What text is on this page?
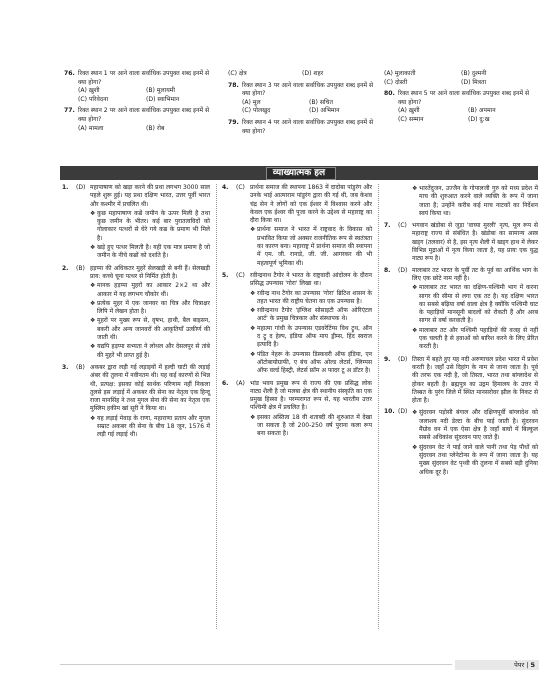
76. रिक्त स्थान 1 पर आने वाला सर्वाधिक उपयुक्त शब्द इनमें से क्या होगा?
(A) ख़ुशी	(B) मुलायमी
(C) परिवेदना	(D) स्वाभिमान
77. रिक्त स्थान 2 पर आने वाला सर्वाधिक उपयुक्त शब्द इनमें से क्या होगा?
(A) मामला	(B) रोब
(C) क्षेत्र	(D) शहर
78. रिक्त स्थान 3 पर आने वाला सर्वाधिक उपयुक्त शब्द इनमें से क्या होगा?
(A) मूल	(B) सचित
(C) पोलखुद	(D) अभिमान
79. रिक्त स्थान 4 पर आने वाला सर्वाधिक उपयुक्त शब्द इनमें से क्या होगा?
(A) मुलाकाती	(B) दुश्मनी
(C) दोस्ती	(D) मित्रता
80. रिक्त स्थान 5 पर आने वाला सर्वाधिक उपयुक्त शब्द इनमें से क्या होगा?
(A) ख़ुशी	(B) अपमान
(C) सम्मान	(D) दु:ख
व्याख्यात्मक हल
1.	(D) महापाषाण को खड़ा करने की प्रथा लगभग 3000 साल पहले शुरू हुई। यह प्रथा दक्षिण भारत, उत्तर पूर्वी भारत और कश्मीर में प्रचलित थी।
❖ कुछ महापाषाण कब्रें जमीन के ऊपर मिली है तथा कुछ जमीन के भीतर। कई बार पुरातत्वविदों को गोलाकार पत्थरों से घेरे गये कब्र के प्रमाण भी मिले है।
❖ खड़े हुए पत्थर मिलती है। यही एक मात्र प्रमाण है जो जमीन के नीचे कब्रों को दर्शाते है।
2.	(B) हड़प्पा की अधिकतर मुहरें सेलखड़ी से बनी हैं। सेलखड़ी प्राय: कच्चे चूना पत्थर से निर्मित होती है।
❖ मानक हड़प्पा मुहरों का आकार 2×2 था और आकार में यह लगभग चौकोर थी।
❖ प्रत्येक मुहर में एक जानवर का चित्र और चित्राक्षर लिपि में लेखन होता है।
❖ मुहरों पर मुख्य रूप से, वृषभ, हाथी, बैल बाइसन, बकरी और अन्य जानवरों की आकृतियाँ उत्कीर्ण की जाती थी।
❖ यद्यपि हड़प्पा सभ्यता ने लोथल और देसलपुर से तांबे की मुहरें भी प्राप्त हुई है।
3.	(B) अकबर द्वारा लड़ी गई लड़ाइयों में हल्दी घाटी की लड़ाई अंबर की तुलना में नवीनतम थी। यह कई कारणों से भिन्न थी, प्रत्यक्ष: इसका कोई सार्थक परिणाम नहीं निकला तुलसे इस लड़ाई में अकबर की सेना का नेतृत्व एक हिन्दू राजा मानसिंह ने तथा मुगल सेना की सेना का नेतृत्व एक मुस्लिम हकीम खां सूरी ने किया था।
❖ यह लड़ाई मेवाड़ के राणा, महाराणा प्रताप और मुगल सम्राट अकबर की सेना के बीच 18 जून, 1576 में लड़ी गई लड़ाई थी।
4.	(C) प्रार्थना समाज की स्थापना 1863 में दादोबा पांडुरंग और उनके भाई आत्माराम पांडुरंग द्वारा की गई थी, जब केशव चंद्र सेन ने लोगों को एक ईश्वर में विश्वास करने और केवल एक ईश्वर की पूजा करने के उद्देश्य से महाराष्ट्र का दौरा किया था।
❖ प्रार्थना समाज ने भारत में राष्ट्रवाद के विकास को प्रभावित किया जो अक्सर राजनीतिक रूप से स्वतंत्रता का कारण बना। महाराष्ट्र में प्रार्थना समाज की स्थापना में एम. जी. रानाडे, जी. जी. आगरकर की भी महत्वपूर्ण भूमिका थी।
5.	(C) रवीन्द्रनाथ टैगोर ने भारत के राष्ट्रवादी आंदोलन के दौरान प्रसिद्ध उपन्यास 'गोरा' लिखा था।
❖ रवीन्द्र नाथ टैगोर का उपन्यास 'गोरा' ब्रिटिश शासन के तहत भारत की राष्ट्रीय चेतना का एक उपन्यास है।
❖ रवीन्द्रनाथ टैगोर 'इंग्लिश सोसाइटी ऑफ ओरिएंटल आर्ट' के प्रमुख चित्रकार और संस्थापक थे।
❖ महात्मा गांधी के उपन्यास एडवरेटिंग्स विथ ट्रूथ, ऑन द ट्रू द हेल्प, इंडिया ऑफ माय ड्रीम्स, हिंद स्वराज इत्यादि है।
❖ पंडित नेहरू के उपन्यास डिस्कवरी ऑफ इंडिया, एन ऑटोबायोग्राफी, ए बंच ऑफ ओल्ड लेटर्स, ग्लिम्पस ऑफ वर्ल्ड हिस्ट्री, लेटर्स फ्रॉम अ फादर टू अ डॉटर है।
6.	(A) भांड भवय प्रमुख रूप से राज्य की एक प्रसिद्ध लोक नाट्य शैली है जो मलबा क्षेत्र की स्थानीय संस्कृति का एक प्रमुख हिस्सा है। परम्परागत रूप से, यह भारतीय उत्तर पश्चिमी क्षेत्र में प्रचलित है।
❖ इसका अस्तित्व 18 वी शताब्दी की शुरुआत में देखा जा सकता है जो 200-250 वर्ष पुराना कला रूप बना सकता है।
❖ भारतेंदुजन, उज्जैन के गोपालजी गुरु को मध्य प्रदेश में माच की शुरुआत करने वाले व्यक्ति के रूप में जाना जाता है; उन्होंने करीब कई माच नाटकों का निर्देशन स्वयं किया था।
7.	(C) भगवान खंडोबा से जुड़ा 'वाघ्या मुरली' नृत्य, मूल रूप से महाराष्ट्र राज्य से संबंधित है। खंडोबा का सामान्य अस्त्र खड्ग (तलवार) से है, इस नृत्य शैली में खड्ग हाथ में लेकर विभिन्न मुद्राओं में नृत्य किया जाता है, यह प्रायः एक युद्ध नाट्य रूप है।
8.	(D) मालाबार तट भारत के पूर्वी तट के पूर्व का आर्थिक भाग के लिए एक छोटे नाम नहीं है।
❖ मालाबार तट भारत का दक्षिण-पश्चिमी भाग में करना सागर की सीमा से लगा एक तट है। यह दक्षिण भारत का सबसे बढ़िया वर्षा वाला क्षेत्र है क्योंकि पश्चिमी घाट के पहाड़ियों मानसूनी बादलों को रोकती हैं और अरब सागर से वर्षा करवाती है।
❖ मालाबार तट और पश्चिमी पहाड़ियों की वजह से नहीं एक चलती है से हवाओं को बारिश करने के लिए प्रेरित करती है।
9.	(D) तिस्ता में बहते हुए यह नदी अरुणाचल प्रदेश भारत में प्रवेश करती है। जहाँ उसे दिहांग के नाम से जाना जाता है। पूर्व की तरफ एक नदी है, जो तिस्ता, भारत तथा बांग्लादेश से होकर बहती है। ब्रह्मपुत्र का उद्गम हिमालय के उत्तर में तिब्बत के पुरंग जिले में स्थित मानसरोवर झील के निकट से होता है।
10. (D) ❖ सुंदरवन पड़ोसी बंगाल और दक्षिणपूर्वी बांग्लादेश को जलाशय नदी डेल्टा के बीच पाई जाती है। सुंदरवन मैंग्रोव वन में एक ऐसा क्षेत्र है जहाँ बाघों में बिल्कुल सबसे अधिकांश सुंदरवन पाए जाते हैं।
❖ सुंदरवन वेट ने पाई जाने वाले पानी तथा पेड़ पौधों को सुंदरवन तथा प्लेनेटोन्स के रूप में जाना जाता है। यह मुख्य सुंदरवन वेट पृथ्वी की तुलना में सबसे बड़ी दुनिया अधिक दूर है।
पेपर | 5
